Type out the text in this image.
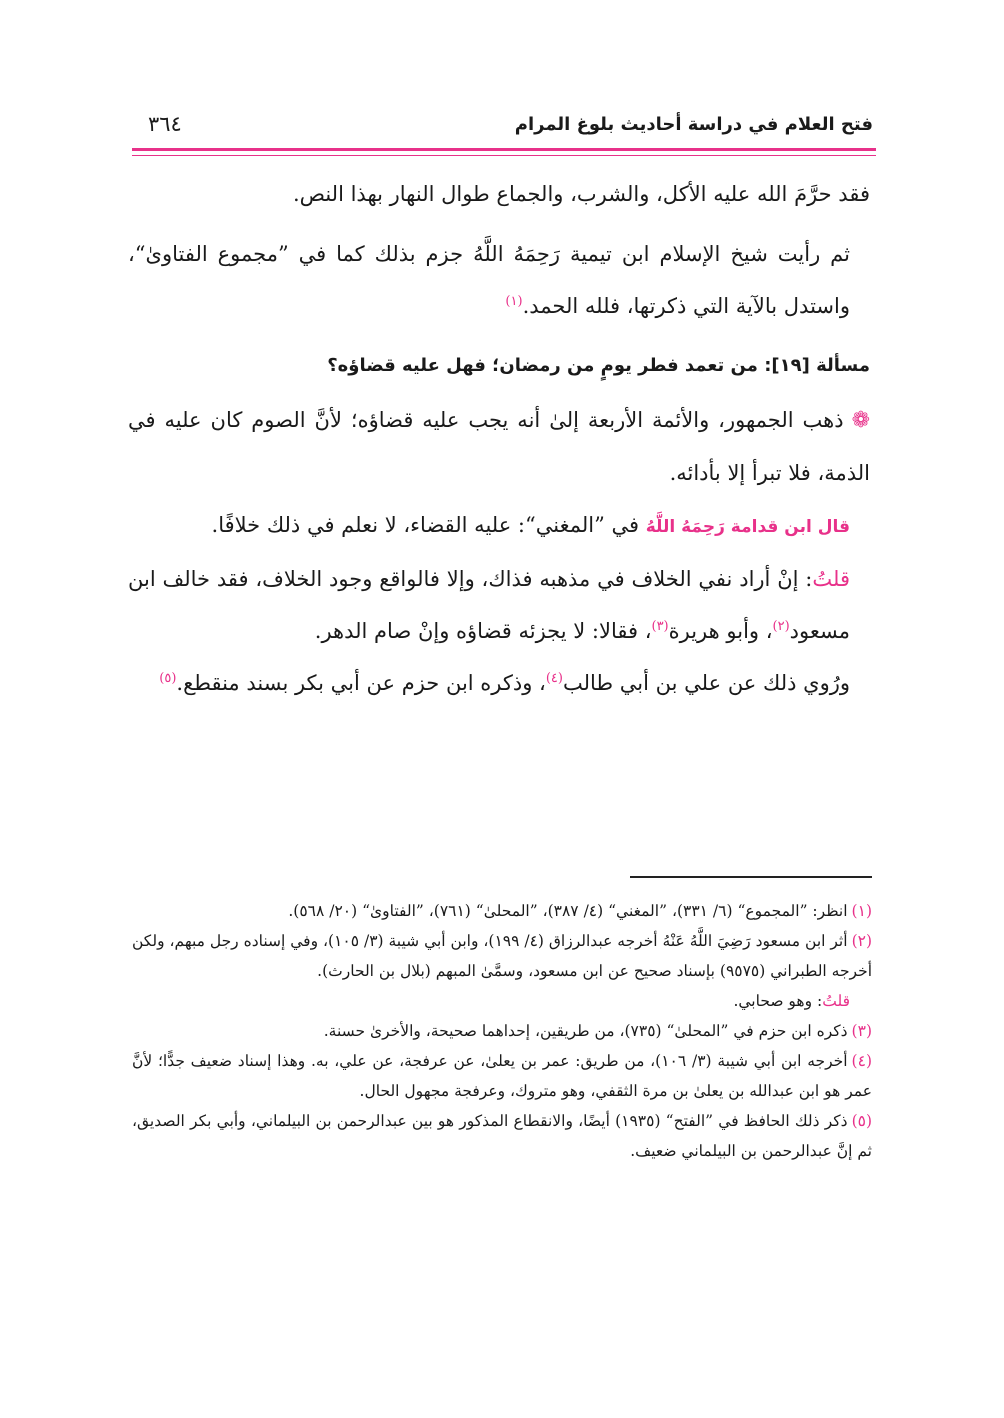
فتح العلام في دراسة أحاديث بلوغ المرام
٣٦٤

فقد حرَّمَ الله عليه الأكل، والشرب، والجماع طوال النهار بهذا النص.

ثم رأيت شيخ الإسلام ابن تيمية رَحِمَهُ اللَّهُ جزم بذلك كما في ”مجموع الفتاوىٰ“، واستدل بالآية التي ذكرتها، فلله الحمد.$^{(١)}$

مسألة [١٩]: من تعمد فطر يومٍ من رمضان؛ فهل عليه قضاؤه؟

❁ذهب الجمهور، والأئمة الأربعة إلىٰ أنه يجب عليه قضاؤه؛ لأنَّ الصوم كان عليه في الذمة، فلا تبرأ إلا بأدائه.

قال ابن قدامة رَحِمَهُ اللَّهُ في ”المغني“: عليه القضاء، لا نعلم في ذلك خلافًا.

قلتُ: إنْ أراد نفي الخلاف في مذهبه فذاك، وإلا فالواقع وجود الخلاف، فقد خالف ابن مسعود$^{(٢)}$، وأبو هريرة$^{(٣)}$، فقالا: لا يجزئه قضاؤه وإنْ صام الدهر.

ورُوي ذلك عن علي بن أبي طالب$^{(٤)}$، وذكره ابن حزم عن أبي بكر بسند منقطع.$^{(٥)}$

(١)انظر: ”المجموع“ (٦/ ٣٣١)، ”المغني“ (٤/ ٣٨٧)، ”المحلىٰ“ (٧٦١)، ”الفتاوىٰ“ (٢٠/ ٥٦٨).

(٢)أثر ابن مسعود رَضِيَ اللَّهُ عَنْهُ أخرجه عبدالرزاق (٤/ ١٩٩)، وابن أبي شيبة (٣/ ١٠٥)، وفي إسناده رجل مبهم، ولكن أخرجه الطبراني (٩٥٧٥) بإسناد صحيح عن ابن مسعود، وسمَّىٰ المبهم (بلال بن الحارث).

قلتُ: وهو صحابي.

(٣)ذكره ابن حزم في ”المحلىٰ“ (٧٣٥)، من طريقين، إحداهما صحيحة، والأخرىٰ حسنة.

(٤)أخرجه ابن أبي شيبة (٣/ ١٠٦)، من طريق: عمر بن يعلىٰ، عن عرفجة، عن علي، به. وهذا إسناد ضعيف جدًّا؛ لأنَّ عمر هو ابن عبدالله بن يعلىٰ بن مرة الثقفي، وهو متروك، وعرفجة مجهول الحال.

(٥)ذكر ذلك الحافظ في ”الفتح“ (١٩٣٥) أيضًا، والانقطاع المذكور هو بين عبدالرحمن بن البيلماني، وأبي بكر الصديق، ثم إنَّ عبدالرحمن بن البيلماني ضعيف.
